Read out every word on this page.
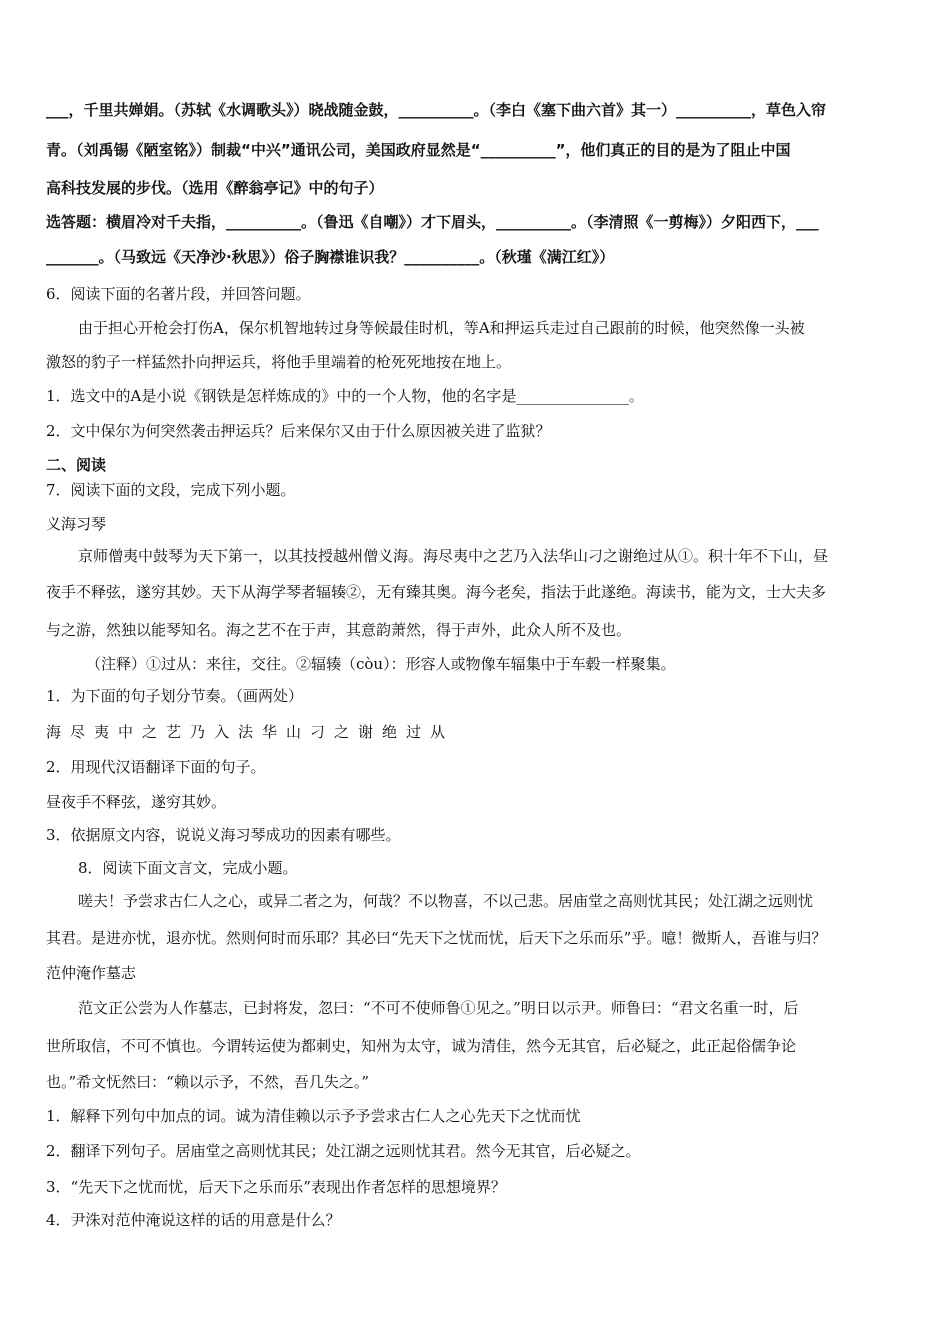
___，千里共婵娟。（苏轼《水调歌头》）晓战随金鼓，__________。（李白《塞下曲六首》其一）__________，草色入帘
青。（刘禹锡《陋室铭》）制裁“中兴”通讯公司，美国政府显然是“__________”，他们真正的目的是为了阻止中国
高科技发展的步伐。（选用《醉翁亭记》中的句子）
选答题：横眉冷对千夫指，__________。（鲁迅《自嘲》）才下眉头，__________。（李清照《一剪梅》）夕阳西下，___
_______。（马致远《天净沙·秋思》）俗子胸襟谁识我？__________。（秋瑾《满江红》）
6．阅读下面的名著片段，并回答问题。
由于担心开枪会打伤A，保尔机智地转过身等候最佳时机，等A和押运兵走过自己跟前的时候，他突然像一头被
激怒的豹子一样猛然扑向押运兵，将他手里端着的枪死死地按在地上。
1．选文中的A是小说《钢铁是怎样炼成的》中的一个人物，他的名字是_______________。
2．文中保尔为何突然袭击押运兵？后来保尔又由于什么原因被关进了监狱？
二、阅读
7．阅读下面的文段，完成下列小题。
义海习琴
京师僧夷中鼓琴为天下第一，以其技授越州僧义海。海尽夷中之艺乃入法华山刁之谢绝过从①。积十年不下山，昼
夜手不释弦，遂穷其妙。天下从海学琴者辐辏②，无有臻其奥。海今老矣，指法于此遂绝。海读书，能为文，士大夫多
与之游，然独以能琴知名。海之艺不在于声，其意韵萧然，得于声外，此众人所不及也。
（注释）①过从：来往，交往。②辐辏（còu）：形容人或物像车辐集中于车毂一样聚集。
1．为下面的句子划分节奏。（画两处）
海尽夷中之艺乃入法华山刁之谢绝过从
2．用现代汉语翻译下面的句子。
昼夜手不释弦，遂穷其妙。
3．依据原文内容，说说义海习琴成功的因素有哪些。
8．阅读下面文言文，完成小题。
嗟夫！予尝求古仁人之心，或异二者之为，何哉？不以物喜，不以己悲。居庙堂之高则忧其民；处江湖之远则忧
其君。是进亦忧，退亦忧。然则何时而乐耶？其必曰“先天下之忧而忧，后天下之乐而乐”乎。噫！微斯人，吾谁与归？
范仲淹作墓志
范文正公尝为人作墓志，已封将发，忽曰：“不可不使师鲁①见之。”明日以示尹。师鲁曰：“君文名重一时，后
世所取信，不可不慎也。今谓转运使为都刺史，知州为太守，诚为清佳，然今无其官，后必疑之，此正起俗儒争论
也。”希文怃然曰：“赖以示予，不然，吾几失之。”
1．解释下列句中加点的词。诚为清佳赖以示予予尝求古仁人之心先天下之忧而忧
2．翻译下列句子。居庙堂之高则忧其民；处江湖之远则忧其君。然今无其官，后必疑之。
3．“先天下之忧而忧，后天下之乐而乐”表现出作者怎样的思想境界？
4．尹洙对范仲淹说这样的话的用意是什么？
